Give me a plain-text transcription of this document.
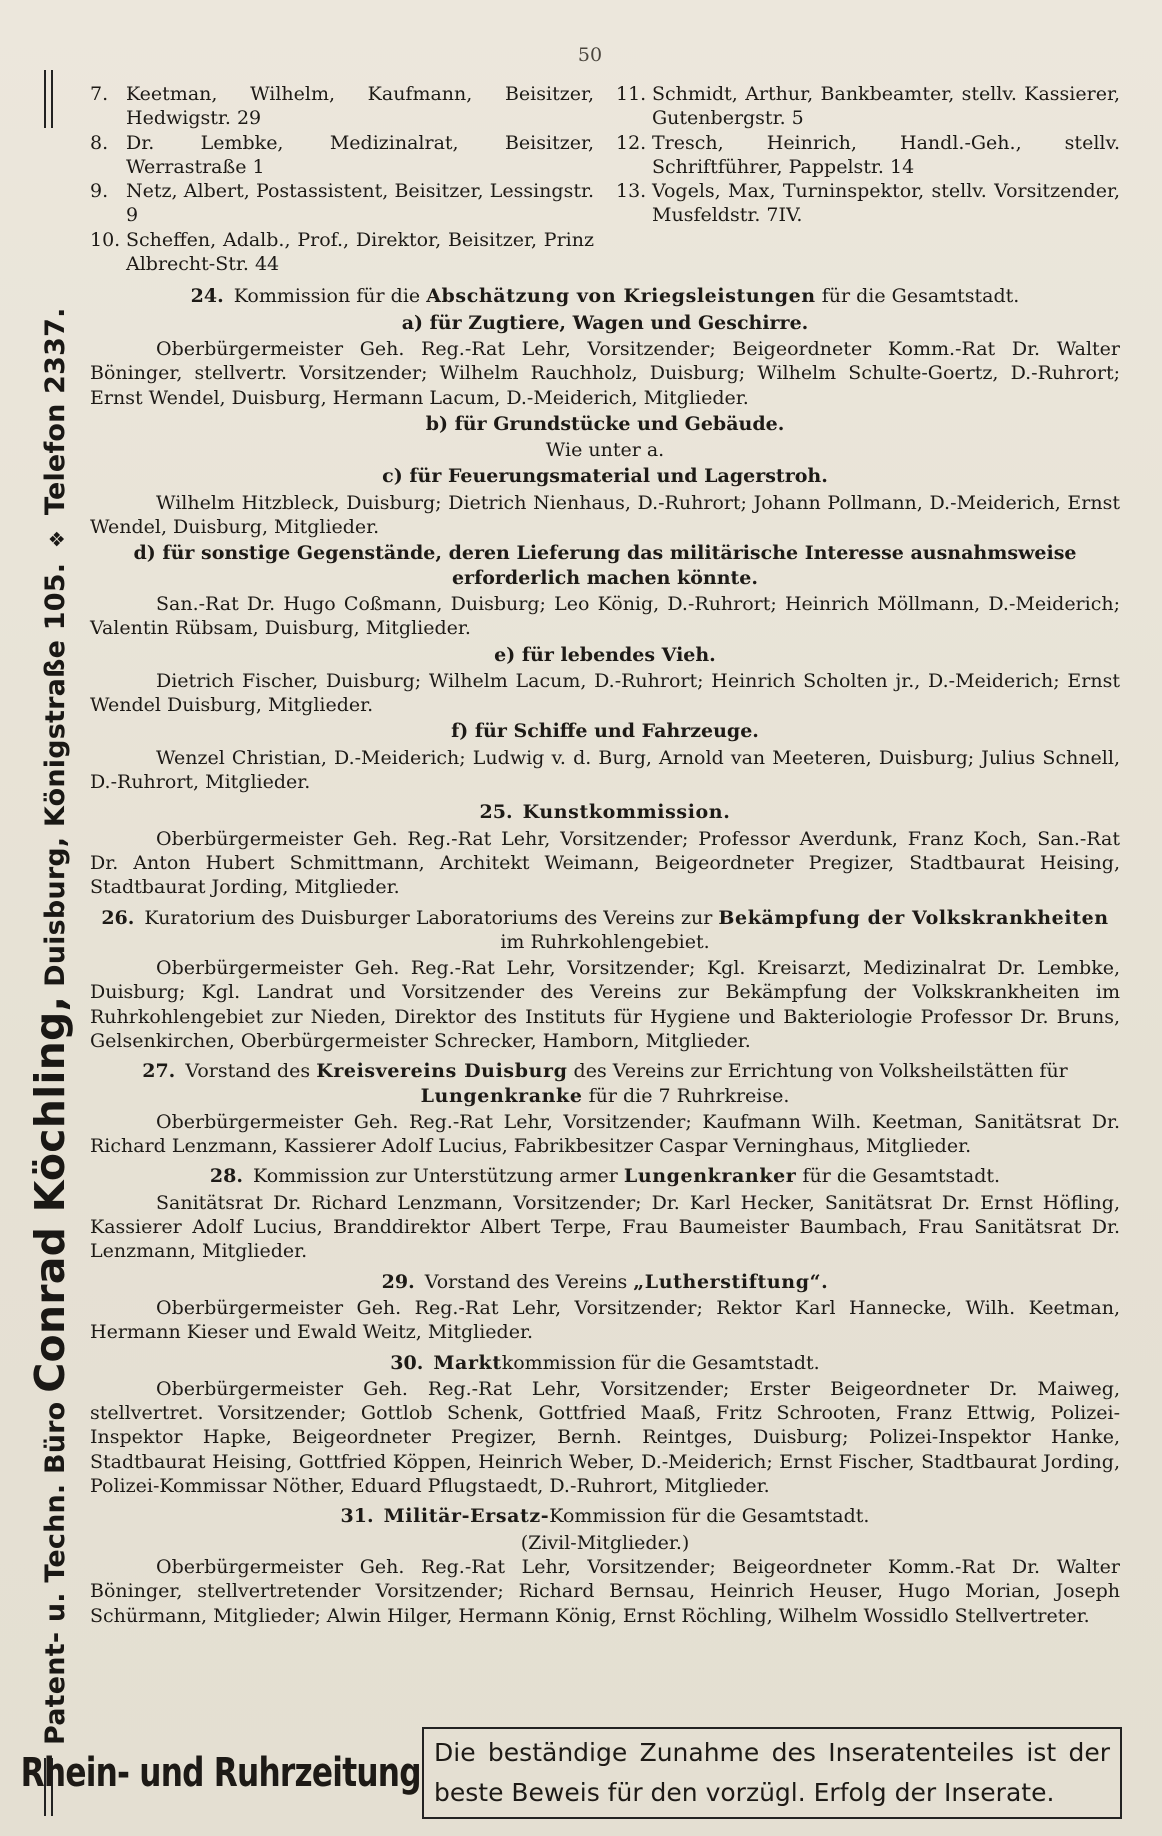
50
Patent- u. Techn. Büro Conrad Köchling, Duisburg, Königstraße 105. ❖ Telefon 2337.
7. Keetman, Wilhelm, Kaufmann, Beisitzer, Hedwigstr. 29
8. Dr. Lembke, Medizinalrat, Beisitzer, Werrastraße 1
9. Netz, Albert, Postassistent, Beisitzer, Lessingstr. 9
10. Scheffen, Adalb., Prof., Direktor, Beisitzer, Prinz Albrecht-Str. 44
11. Schmidt, Arthur, Bankbeamter, stellv. Kassierer, Gutenbergstr. 5
12. Tresch, Heinrich, Handl.-Geh., stellv. Schriftführer, Pappelstr. 14
13. Vogels, Max, Turninspektor, stellv. Vorsitzender, Musfeldstr. 7IV.
24. Kommission für die Abschätzung von Kriegsleistungen für die Gesamtstadt.
a) für Zugtiere, Wagen und Geschirre.

Oberbürgermeister Geh. Reg.-Rat Lehr, Vorsitzender; Beigeordneter Komm.-Rat Dr. Walter Böninger, stellvertr. Vorsitzender; Wilhelm Rauchholz, Duisburg; Wilhelm Schulte-Goertz, D.-Ruhrort; Ernst Wendel, Duisburg, Hermann Lacum, D.-Meiderich, Mitglieder.

b) für Grundstücke und Gebäude.
Wie unter a.
c) für Feuerungsmaterial und Lagerstroh.

Wilhelm Hitzbleck, Duisburg; Dietrich Nienhaus, D.-Ruhrort; Johann Pollmann, D.-Meiderich, Ernst Wendel, Duisburg, Mitglieder.

d) für sonstige Gegenstände, deren Lieferung das militärische Interesse ausnahmsweise erforderlich machen könnte.

San.-Rat Dr. Hugo Coßmann, Duisburg; Leo König, D.-Ruhrort; Heinrich Möllmann, D.-Meiderich; Valentin Rübsam, Duisburg, Mitglieder.

e) für lebendes Vieh.

Dietrich Fischer, Duisburg; Wilhelm Lacum, D.-Ruhrort; Heinrich Scholten jr., D.-Meiderich; Ernst Wendel Duisburg, Mitglieder.

f) für Schiffe und Fahrzeuge.

Wenzel Christian, D.-Meiderich; Ludwig v. d. Burg, Arnold van Meeteren, Duisburg; Julius Schnell, D.-Ruhrort, Mitglieder.

25. Kunstkommission.

Oberbürgermeister Geh. Reg.-Rat Lehr, Vorsitzender; Professor Averdunk, Franz Koch, San.-Rat Dr. Anton Hubert Schmittmann, Architekt Weimann, Beigeordneter Pregizer, Stadtbaurat Heising, Stadtbaurat Jording, Mitglieder.

26. Kuratorium des Duisburger Laboratoriums des Vereins zur Bekämpfung der Volkskrankheiten im Ruhrkohlengebiet.

Oberbürgermeister Geh. Reg.-Rat Lehr, Vorsitzender; Kgl. Kreisarzt, Medizinalrat Dr. Lembke, Duisburg; Kgl. Landrat und Vorsitzender des Vereins zur Bekämpfung der Volkskrankheiten im Ruhrkohlengebiet zur Nieden, Direktor des Instituts für Hygiene und Bakteriologie Professor Dr. Bruns, Gelsenkirchen, Oberbürgermeister Schrecker, Hamborn, Mitglieder.

27. Vorstand des Kreisvereins Duisburg des Vereins zur Errichtung von Volksheilstätten für Lungenkranke für die 7 Ruhrkreise.

Oberbürgermeister Geh. Reg.-Rat Lehr, Vorsitzender; Kaufmann Wilh. Keetman, Sanitätsrat Dr. Richard Lenzmann, Kassierer Adolf Lucius, Fabrikbesitzer Caspar Verninghaus, Mitglieder.

28. Kommission zur Unterstützung armer Lungenkranker für die Gesamtstadt.

Sanitätsrat Dr. Richard Lenzmann, Vorsitzender; Dr. Karl Hecker, Sanitätsrat Dr. Ernst Höfling, Kassierer Adolf Lucius, Branddirektor Albert Terpe, Frau Baumeister Baumbach, Frau Sanitätsrat Dr. Lenzmann, Mitglieder.

29. Vorstand des Vereins „Lutherstiftung“.

Oberbürgermeister Geh. Reg.-Rat Lehr, Vorsitzender; Rektor Karl Hannecke, Wilh. Keetman, Hermann Kieser und Ewald Weitz, Mitglieder.

30. Marktkommission für die Gesamtstadt.

Oberbürgermeister Geh. Reg.-Rat Lehr, Vorsitzender; Erster Beigeordneter Dr. Maiweg, stellvertret. Vorsitzender; Gottlob Schenk, Gottfried Maaß, Fritz Schrooten, Franz Ettwig, Polizei-Inspektor Hapke, Beigeordneter Pregizer, Bernh. Reintges, Duisburg; Polizei-Inspektor Hanke, Stadtbaurat Heising, Gottfried Köppen, Heinrich Weber, D.-Meiderich; Ernst Fischer, Stadtbaurat Jording, Polizei-Kommissar Nöther, Eduard Pflugstaedt, D.-Ruhrort, Mitglieder.

31. Militär-Ersatz-Kommission für die Gesamtstadt.
(Zivil-Mitglieder.)

Oberbürgermeister Geh. Reg.-Rat Lehr, Vorsitzender; Beigeordneter Komm.-Rat Dr. Walter Böninger, stellvertretender Vorsitzender; Richard Bernsau, Heinrich Heuser, Hugo Morian, Joseph Schürmann, Mitglieder; Alwin Hilger, Hermann König, Ernst Röchling, Wilhelm Wossidlo Stellvertreter.

Rhein- und Ruhrzeitung Die beständige Zunahme des Inseratenteiles ist der beste Beweis für den vorzügl. Erfolg der Inserate.
